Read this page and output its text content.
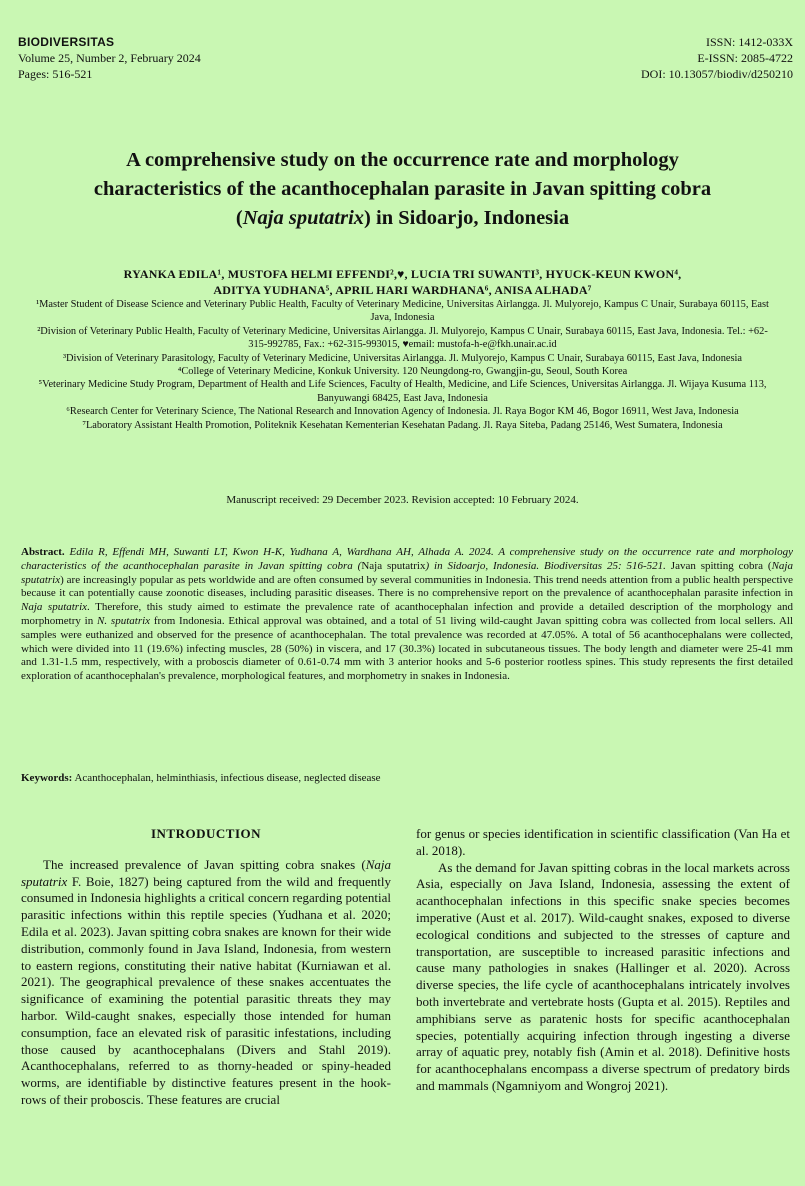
BIODIVERSITAS
Volume 25, Number 2, February 2024
Pages: 516-521
ISSN: 1412-033X
E-ISSN: 2085-4722
DOI: 10.13057/biodiv/d250210
A comprehensive study on the occurrence rate and morphology
characteristics of the acanthocephalan parasite in Javan spitting cobra
(Naja sputatrix) in Sidoarjo, Indonesia
RYANKA EDILA¹, MUSTOFA HELMI EFFENDI²,♥, LUCIA TRI SUWANTI³, HYUCK-KEUN KWON⁴,
ADITYA YUDHANA⁵, APRIL HARI WARDHANA⁶, ANISA ALHADA⁷

¹Master Student of Disease Science and Veterinary Public Health, Faculty of Veterinary Medicine, Universitas Airlangga. Jl. Mulyorejo, Kampus C Unair, Surabaya 60115, East Java, Indonesia

²Division of Veterinary Public Health, Faculty of Veterinary Medicine, Universitas Airlangga. Jl. Mulyorejo, Kampus C Unair, Surabaya 60115, East Java, Indonesia. Tel.: +62-315-992785, Fax.: +62-315-993015, ♥email: mustofa-h-e@fkh.unair.ac.id

³Division of Veterinary Parasitology, Faculty of Veterinary Medicine, Universitas Airlangga. Jl. Mulyorejo, Kampus C Unair, Surabaya 60115, East Java, Indonesia

⁴College of Veterinary Medicine, Konkuk University. 120 Neungdong-ro, Gwangjin-gu, Seoul, South Korea

⁵Veterinary Medicine Study Program, Department of Health and Life Sciences, Faculty of Health, Medicine, and Life Sciences, Universitas Airlangga. Jl. Wijaya Kusuma 113, Banyuwangi 68425, East Java, Indonesia

⁶Research Center for Veterinary Science, The National Research and Innovation Agency of Indonesia. Jl. Raya Bogor KM 46, Bogor 16911, West Java, Indonesia

⁷Laboratory Assistant Health Promotion, Politeknik Kesehatan Kementerian Kesehatan Padang. Jl. Raya Siteba, Padang 25146, West Sumatera, Indonesia

Manuscript received: 29 December 2023. Revision accepted: 10 February 2024.
Abstract. Edila R, Effendi MH, Suwanti LT, Kwon H-K, Yudhana A, Wardhana AH, Alhada A. 2024. A comprehensive study on the occurrence rate and morphology characteristics of the acanthocephalan parasite in Javan spitting cobra (Naja sputatrix) in Sidoarjo, Indonesia. Biodiversitas 25: 516-521. Javan spitting cobra (Naja sputatrix) are increasingly popular as pets worldwide and are often consumed by several communities in Indonesia. This trend needs attention from a public health perspective because it can potentially cause zoonotic diseases, including parasitic diseases. There is no comprehensive report on the prevalence of acanthocephalan parasite infection in Naja sputatrix. Therefore, this study aimed to estimate the prevalence rate of acanthocephalan infection and provide a detailed description of the morphology and morphometry in N. sputatrix from Indonesia. Ethical approval was obtained, and a total of 51 living wild-caught Javan spitting cobra was collected from local sellers. All samples were euthanized and observed for the presence of acanthocephalan. The total prevalence was recorded at 47.05%. A total of 56 acanthocephalans were collected, which were divided into 11 (19.6%) infecting muscles, 28 (50%) in viscera, and 17 (30.3%) located in subcutaneous tissues. The body length and diameter were 25-41 mm and 1.31-1.5 mm, respectively, with a proboscis diameter of 0.61-0.74 mm with 3 anterior hooks and 5-6 posterior rootless spines. This study represents the first detailed exploration of acanthocephalan's prevalence, morphological features, and morphometry in snakes in Indonesia.
Keywords: Acanthocephalan, helminthiasis, infectious disease, neglected disease
INTRODUCTION

The increased prevalence of Javan spitting cobra snakes (Naja sputatrix F. Boie, 1827) being captured from the wild and frequently consumed in Indonesia highlights a critical concern regarding potential parasitic infections within this reptile species (Yudhana et al. 2020; Edila et al. 2023). Javan spitting cobra snakes are known for their wide distribution, commonly found in Java Island, Indonesia, from western to eastern regions, constituting their native habitat (Kurniawan et al. 2021). The geographical prevalence of these snakes accentuates the significance of examining the potential parasitic threats they may harbor. Wild-caught snakes, especially those intended for human consumption, face an elevated risk of parasitic infestations, including those caused by acanthocephalans (Divers and Stahl 2019). Acanthocephalans, referred to as thorny-headed or spiny-headed worms, are identifiable by distinctive features present in the hook-rows of their proboscis. These features are crucial

for genus or species identification in scientific classification (Van Ha et al. 2018).

As the demand for Javan spitting cobras in the local markets across Asia, especially on Java Island, Indonesia, assessing the extent of acanthocephalan infections in this specific snake species becomes imperative (Aust et al. 2017). Wild-caught snakes, exposed to diverse ecological conditions and subjected to the stresses of capture and transportation, are susceptible to increased parasitic infections and cause many pathologies in snakes (Hallinger et al. 2020). Across diverse species, the life cycle of acanthocephalans intricately involves both invertebrate and vertebrate hosts (Gupta et al. 2015). Reptiles and amphibians serve as paratenic hosts for specific acanthocephalan species, potentially acquiring infection through ingesting a diverse array of aquatic prey, notably fish (Amin et al. 2018). Definitive hosts for acanthocephalans encompass a diverse spectrum of predatory birds and mammals (Ngamniyom and Wongroj 2021).
